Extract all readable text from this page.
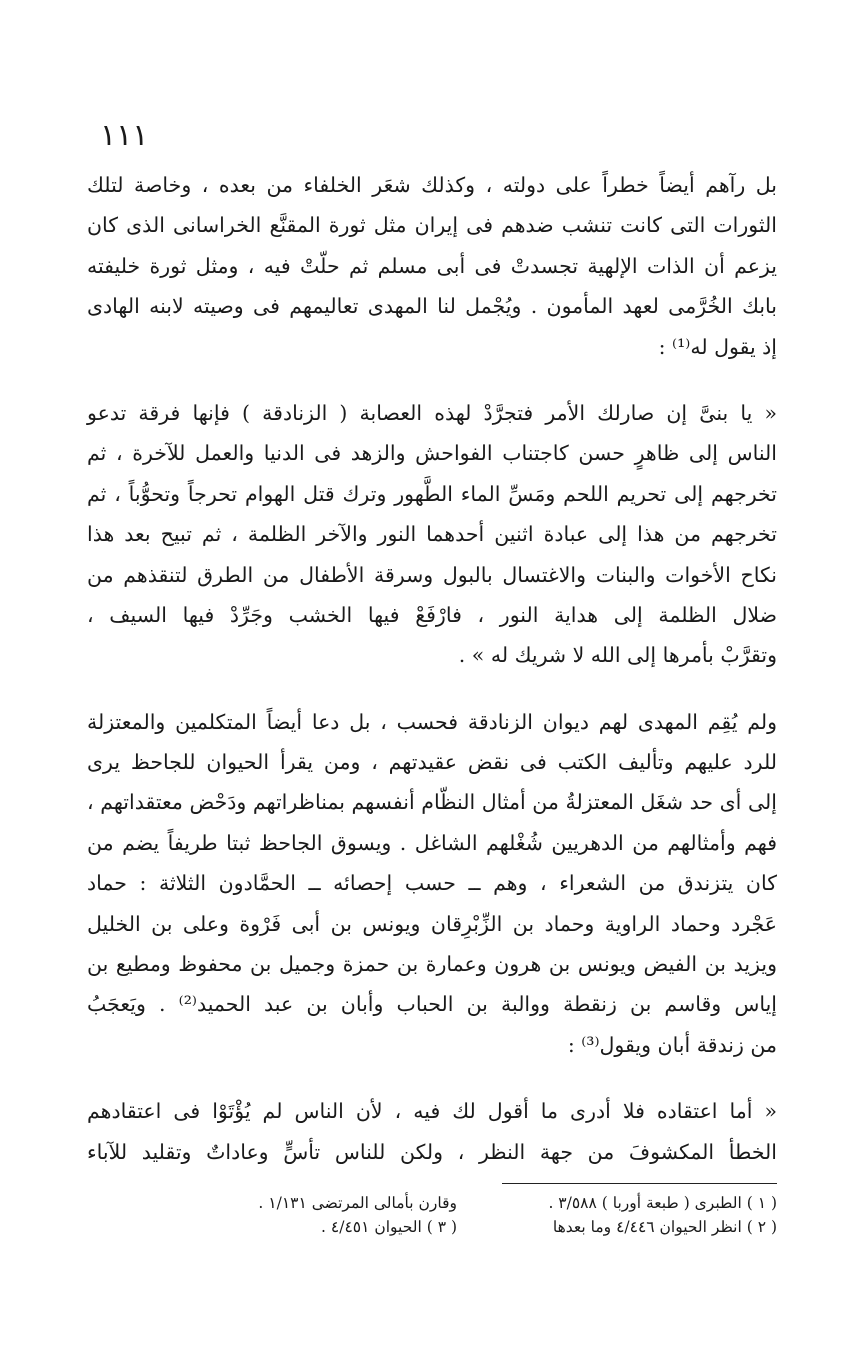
١١١
بل رآهم أيضاً خطراً على دولته ، وكذلك شعَر الخلفاء من بعده ، وخاصة لتلك
الثورات التى كانت تنشب ضدهم فى إيران مثل ثورة المقنَّع الخراسانى الذى كان
يزعم أن الذات الإلهية تجسدتْ فى أبى مسلم ثم حلّتْ فيه ، ومثل ثورة خليفته
بابك الخُرَّمى لعهد المأمون . ويُجْمل لنا المهدى تعاليمهم فى وصيته لابنه الهادى
إذ يقول له⁽¹⁾ :
« يا بنىَّ إن صارلك الأمر فتجرَّدْ لهذه العصابة ( الزنادقة ) فإنها فرقة تدعو
الناس إلى ظاهرٍ حسن كاجتناب الفواحش والزهد فى الدنيا والعمل للآخرة ، ثم
تخرجهم إلى تحريم اللحم ومَسِّ الماء الطَّهور وترك قتل الهوام تحرجاً وتحوُّباً ، ثم
تخرجهم من هذا إلى عبادة اثنين أحدهما النور والآخر الظلمة ، ثم تبيح بعد هذا
نكاح الأخوات والبنات والاغتسال بالبول وسرقة الأطفال من الطرق لتنقذهم من
ضلال الظلمة إلى هداية النور ، فارْفَعْ فيها الخشب وجَرِّدْ فيها السيف ،
وتقرَّبْ بأمرها إلى الله لا شريك له » .
ولم يُقِم المهدى لهم ديوان الزنادقة فحسب ، بل دعا أيضاً المتكلمين والمعتزلة
للرد عليهم وتأليف الكتب فى نقض عقيدتهم ، ومن يقرأ الحيوان للجاحظ يرى
إلى أى حد شغَل المعتزلةُ من أمثال النظّام أنفسهم بمناظراتهم ودَحْض معتقداتهم ،
فهم وأمثالهم من الدهريين شُغْلهم الشاغل . ويسوق الجاحظ ثبتا طريفاً يضم من
كان يتزندق من الشعراء ، وهم ــ حسب إحصائه ــ الحمَّادون الثلاثة : حماد
عَجْرد وحماد الراوية وحماد بن الزِّبْرِقان ويونس بن أبى فَرْوة وعلى بن الخليل
ويزيد بن الفيض ويونس بن هرون وعمارة بن حمزة وجميل بن محفوظ ومطيع بن
إياس وقاسم بن زنقطة ووالبة بن الحباب وأبان بن عبد الحميد⁽²⁾ . ويَعجَبُ
من زندقة أبان ويقول⁽³⁾ :
« أما اعتقاده فلا أدرى ما أقول لك فيه ، لأن الناس لم يُؤْتَوْا فى اعتقادهم
الخطأ المكشوفَ من جهة النظر ، ولكن للناس تأسٍّ وعاداتٌ وتقليد للآباء
( ١ ) الطبرى ( طبعة أوربا ) ٣/٥٨٨ .
وقارن بأمالى المرتضى ١/١٣١ .
( ٢ ) انظر الحيوان ٤/٤٤٦ وما بعدها
( ٣ ) الحيوان ٤/٤٥١ .
